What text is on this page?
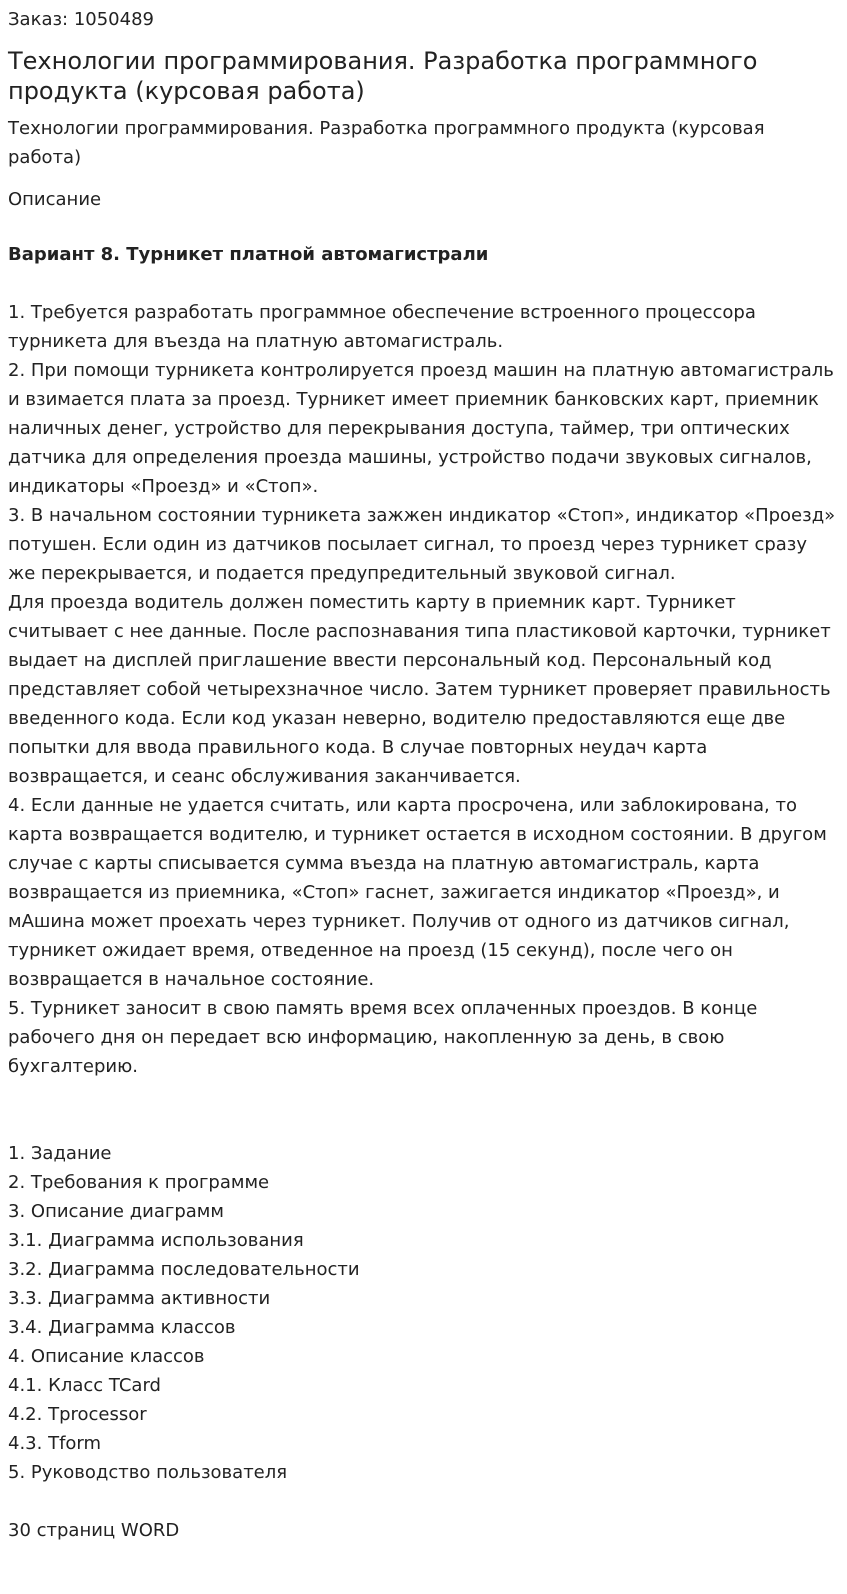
Заказ: 1050489

Технологии программирования. Разработка программного продукта (курсовая работа)

Технологии программирования. Разработка программного продукта (курсовая работа)

Описание

Вариант 8. Турникет платной автомагистрали

1. Требуется разработать программное обеспечение встроенного процессора турникета для въезда на платную автомагистраль.
2. При помощи турникета контролируется проезд машин на платную автомагистраль и взимается плата за проезд. Турникет имеет приемник банковских карт, приемник наличных денег, устройство для перекрывания доступа, таймер, три оптических датчика для определения проезда машины, устройство подачи звуковых сигналов, индикаторы «Проезд» и «Стоп».
3. В начальном состоянии турникета зажжен индикатор «Стоп», индикатор «Проезд» потушен. Если один из датчиков посылает сигнал, то проезд через турникет сразу же перекрывается, и подается предупредительный звуковой сигнал.
Для проезда водитель должен поместить карту в приемник карт. Турникет считывает с нее данные. После распознавания типа пластиковой карточки, турникет выдает на дисплей приглашение ввести персональный код. Персональный код представляет собой четырехзначное число. Затем турникет проверяет правильность введенного кода. Если код указан неверно, водителю предоставляются еще две попытки для ввода правильного кода. В случае повторных неудач карта возвращается, и сеанс обслуживания заканчивается.
4. Если данные не удается считать, или карта просрочена, или заблокирована, то карта возвращается водителю, и турникет остается в исходном состоянии. В другом случае с карты списывается сумма въезда на платную автомагистраль, карта возвращается из приемника, «Стоп» гаснет, зажигается индикатор «Проезд», и мАшина может проехать через турникет. Получив от одного из датчиков сигнал, турникет ожидает время, отведенное на проезд (15 секунд), после чего он возвращается в начальное состояние.
5. Турникет заносит в свою память время всех оплаченных проездов. В конце рабочего дня он передает всю информацию, накопленную за день, в свою бухгалтерию.
1. Задание
2. Требования к программе
3. Описание диаграмм
3.1. Диаграмма использования
3.2. Диаграмма последовательности
3.3. Диаграмма активности
3.4. Диаграмма классов
4. Описание классов
4.1. Класс TCard
4.2. Tprocessor
4.3. Tform
5. Руководство пользователя

30 страниц WORD
